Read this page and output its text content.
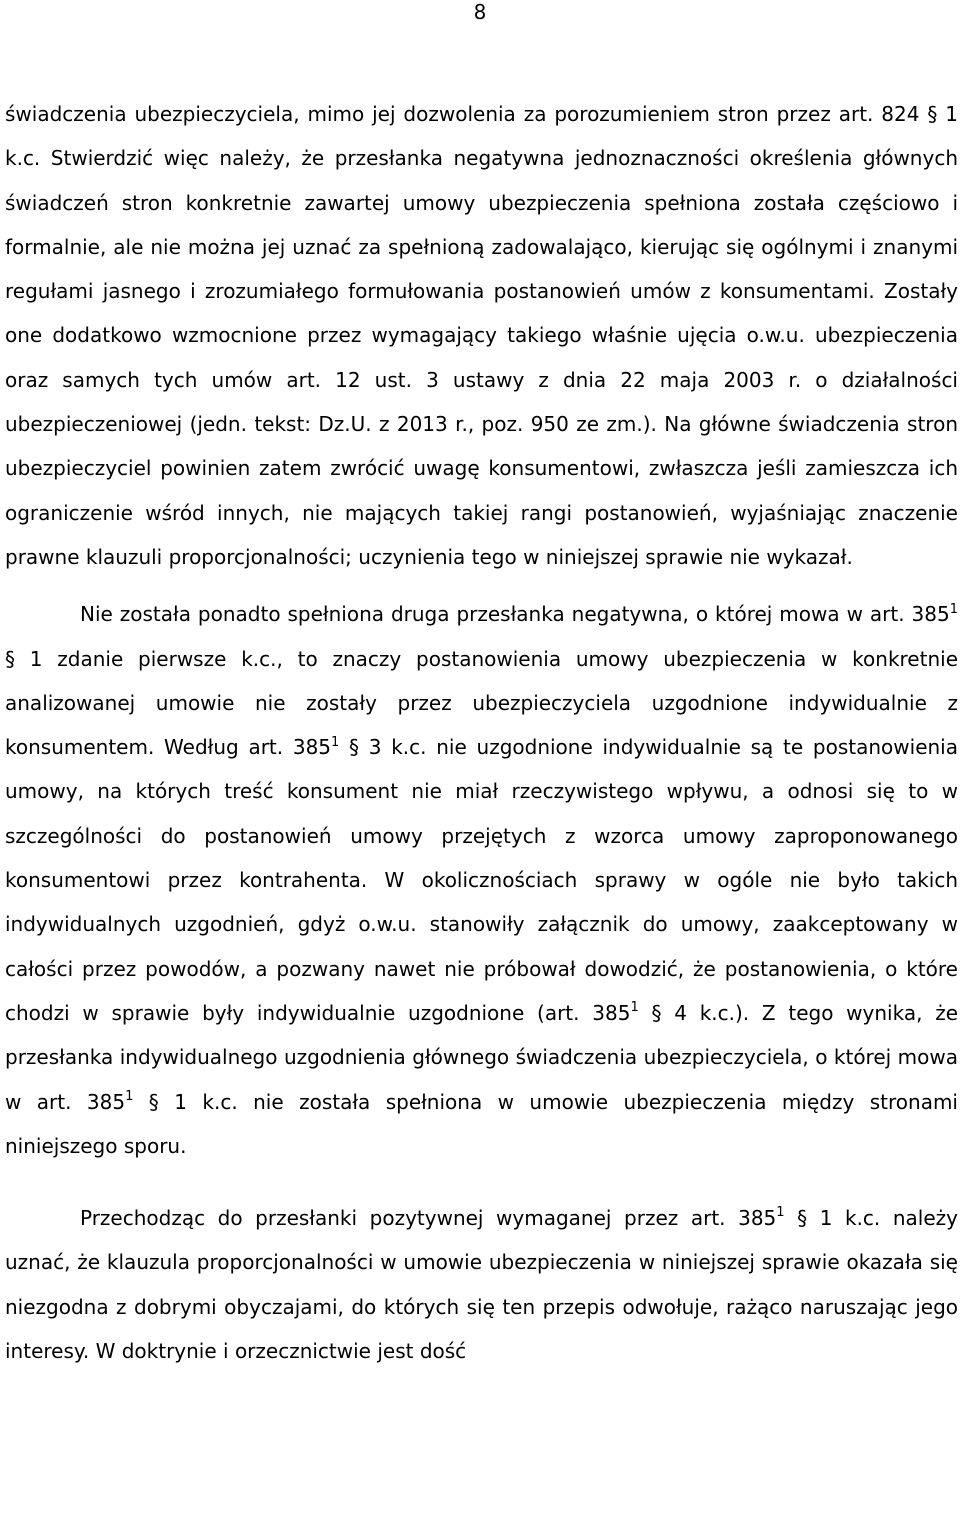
8

świadczenia ubezpieczyciela, mimo jej dozwolenia za porozumieniem stron przez art. 824 § 1 k.c. Stwierdzić więc należy, że przesłanka negatywna jednoznaczności określenia głównych świadczeń stron konkretnie zawartej umowy ubezpieczenia spełniona została częściowo i formalnie, ale nie można jej uznać za spełnioną zadowalająco, kierując się ogólnymi i znanymi regułami jasnego i zrozumiałego formułowania postanowień umów z konsumentami. Zostały one dodatkowo wzmocnione przez wymagający takiego właśnie ujęcia o.w.u. ubezpieczenia oraz samych tych umów art. 12 ust. 3 ustawy z dnia 22 maja 2003 r. o działalności ubezpieczeniowej (jedn. tekst: Dz.U. z 2013 r., poz. 950 ze zm.). Na główne świadczenia stron ubezpieczyciel powinien zatem zwrócić uwagę konsumentowi, zwłaszcza jeśli zamieszcza ich ograniczenie wśród innych, nie mających takiej rangi postanowień, wyjaśniając znaczenie prawne klauzuli proporcjonalności; uczynienia tego w niniejszej sprawie nie wykazał.

Nie została ponadto spełniona druga przesłanka negatywna, o której mowa w art. $385^1$ § 1 zdanie pierwsze k.c., to znaczy postanowienia umowy ubezpieczenia w konkretnie analizowanej umowie nie zostały przez ubezpieczyciela uzgodnione indywidualnie z konsumentem. Według art. $385^1$ § 3 k.c. nie uzgodnione indywidualnie są te postanowienia umowy, na których treść konsument nie miał rzeczywistego wpływu, a odnosi się to w szczególności do postanowień umowy przejętych z wzorca umowy zaproponowanego konsumentowi przez kontrahenta. W okolicznościach sprawy w ogóle nie było takich indywidualnych uzgodnień, gdyż o.w.u. stanowiły załącznik do umowy, zaakceptowany w całości przez powodów, a pozwany nawet nie próbował dowodzić, że postanowienia, o które chodzi w sprawie były indywidualnie uzgodnione (art. $385^1$ § 4 k.c.). Z tego wynika, że przesłanka indywidualnego uzgodnienia głównego świadczenia ubezpieczyciela, o której mowa w art. $385^1$ § 1 k.c. nie została spełniona w umowie ubezpieczenia między stronami niniejszego sporu.

Przechodząc do przesłanki pozytywnej wymaganej przez art. $385^1$ § 1 k.c. należy uznać, że klauzula proporcjonalności w umowie ubezpieczenia w niniejszej sprawie okazała się niezgodna z dobrymi obyczajami, do których się ten przepis odwołuje, rażąco naruszając jego interesy. W doktrynie i orzecznictwie jest dość
